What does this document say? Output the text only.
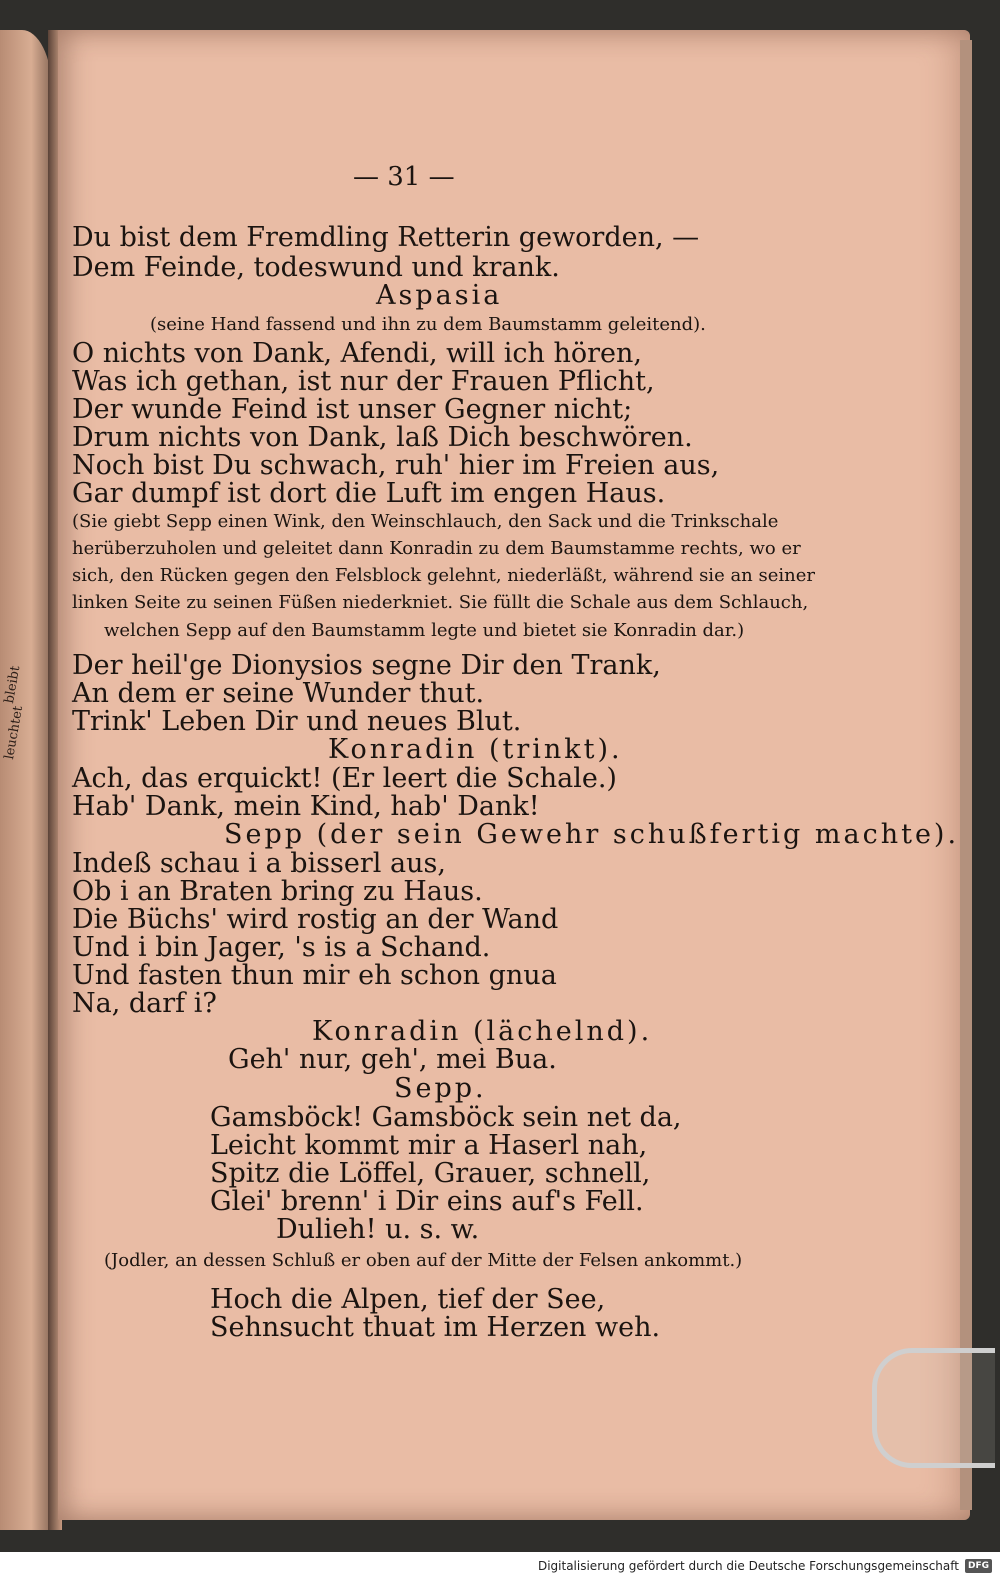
bleibt
leuchtet
— 31 —
Du bist dem Fremdling Retterin geworden, —
Dem Feinde, todeswund und krank.
Aspasia
(seine Hand fassend und ihn zu dem Baumstamm geleitend).
O nichts von Dank, Afendi, will ich hören,
Was ich gethan, ist nur der Frauen Pflicht,
Der wunde Feind ist unser Gegner nicht;
Drum nichts von Dank, laß Dich beschwören.
Noch bist Du schwach, ruh' hier im Freien aus,
Gar dumpf ist dort die Luft im engen Haus.
(Sie giebt Sepp einen Wink, den Weinschlauch, den Sack und die Trinkschale
herüberzuholen und geleitet dann Konradin zu dem Baumstamme rechts, wo er
sich, den Rücken gegen den Felsblock gelehnt, niederläßt, während sie an seiner
linken Seite zu seinen Füßen niederkniet. Sie füllt die Schale aus dem Schlauch,
welchen Sepp auf den Baumstamm legte und bietet sie Konradin dar.)
Der heil'ge Dionysios segne Dir den Trank,
An dem er seine Wunder thut.
Trink' Leben Dir und neues Blut.
Konradin (trinkt).
Ach, das erquickt! (Er leert die Schale.)
Hab' Dank, mein Kind, hab' Dank!
Sepp (der sein Gewehr schußfertig machte).
Indeß schau i a bisserl aus,
Ob i an Braten bring zu Haus.
Die Büchs' wird rostig an der Wand
Und i bin Jager, 's is a Schand.
Und fasten thun mir eh schon gnua
Na, darf i?
Konradin (lächelnd).
Geh' nur, geh', mei Bua.
Sepp.
Gamsböck! Gamsböck sein net da,
Leicht kommt mir a Haserl nah,
Spitz die Löffel, Grauer, schnell,
Glei' brenn' i Dir eins auf's Fell.
Dulieh! u. s. w.
(Jodler, an dessen Schluß er oben auf der Mitte der Felsen ankommt.)
Hoch die Alpen, tief der See,
Sehnsucht thuat im Herzen weh.
Digitalisierung gefördert durch die Deutsche Forschungsgemeinschaft	DFG
